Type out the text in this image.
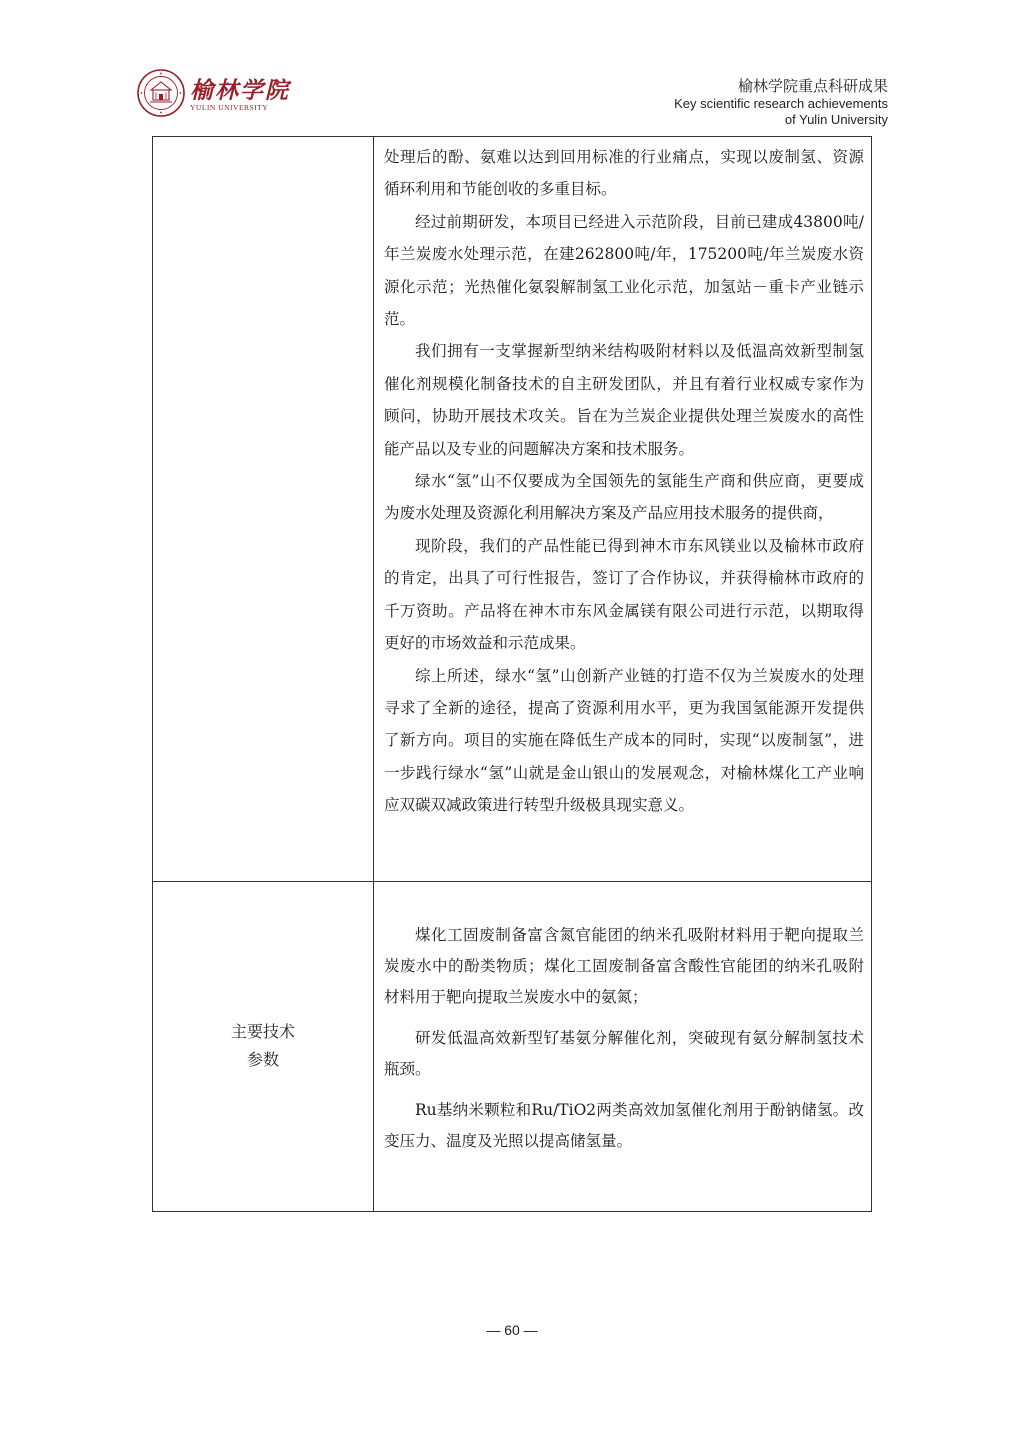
榆林学院
YULIN UNIVERSITY
榆林学院重点科研成果
Key scientific research achievements
of Yulin University

处理后的酚、氨难以达到回用标准的行业痛点，实现以废制氢、资源循环利用和节能创收的多重目标。

经过前期研发，本项目已经进入示范阶段，目前已建成43800吨/年兰炭废水处理示范，在建262800吨/年，175200吨/年兰炭废水资源化示范；光热催化氨裂解制氢工业化示范，加氢站－重卡产业链示范。

我们拥有一支掌握新型纳米结构吸附材料以及低温高效新型制氢催化剂规模化制备技术的自主研发团队，并且有着行业权威专家作为顾问，协助开展技术攻关。旨在为兰炭企业提供处理兰炭废水的高性能产品以及专业的问题解决方案和技术服务。

绿水“氢”山不仅要成为全国领先的氢能生产商和供应商，更要成为废水处理及资源化利用解决方案及产品应用技术服务的提供商，

现阶段，我们的产品性能已得到神木市东风镁业以及榆林市政府的肯定，出具了可行性报告，签订了合作协议，并获得榆林市政府的千万资助。产品将在神木市东风金属镁有限公司进行示范，以期取得更好的市场效益和示范成果。

综上所述，绿水“氢”山创新产业链的打造不仅为兰炭废水的处理寻求了全新的途径，提高了资源利用水平，更为我国氢能源开发提供了新方向。项目的实施在降低生产成本的同时，实现“以废制氢”，进一步践行绿水“氢”山就是金山银山的发展观念，对榆林煤化工产业响应双碳双减政策进行转型升级极具现实意义。

主要技术
参数

煤化工固废制备富含氮官能团的纳米孔吸附材料用于靶向提取兰炭废水中的酚类物质；煤化工固废制备富含酸性官能团的纳米孔吸附材料用于靶向提取兰炭废水中的氨氮；

研发低温高效新型钌基氨分解催化剂，突破现有氨分解制氢技术瓶颈。

Ru基纳米颗粒和Ru/TiO2两类高效加氢催化剂用于酚钠储氢。改变压力、温度及光照以提高储氢量。

— 60 —
